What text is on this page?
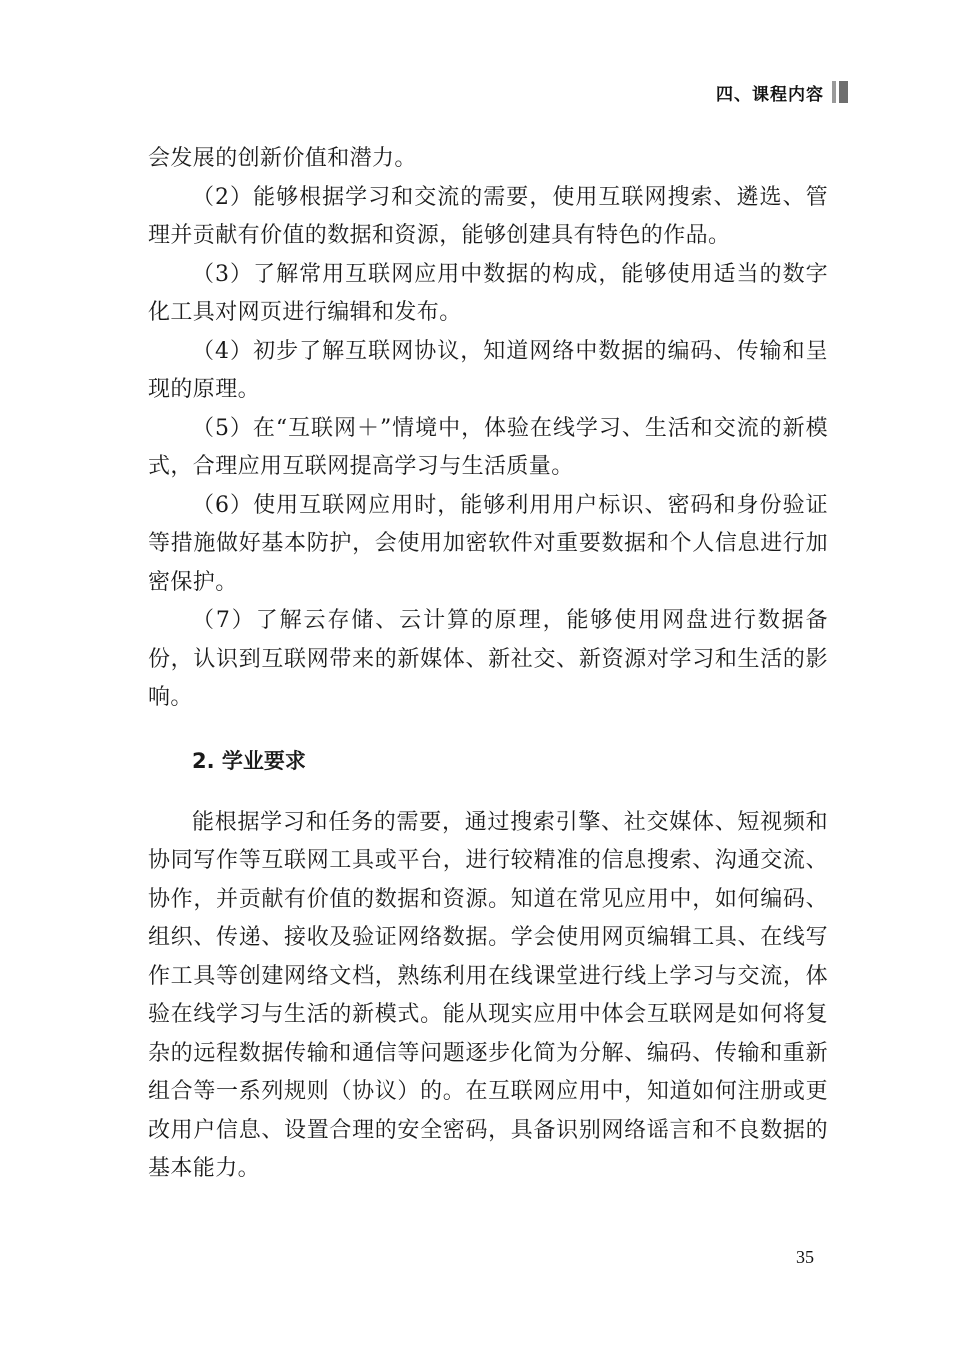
四、课程内容

会发展的创新价值和潜力。

（2）能够根据学习和交流的需要，使用互联网搜索、遴选、管理并贡献有价值的数据和资源，能够创建具有特色的作品。

（3）了解常用互联网应用中数据的构成，能够使用适当的数字化工具对网页进行编辑和发布。

（4）初步了解互联网协议，知道网络中数据的编码、传输和呈现的原理。

（5）在“互联网＋”情境中，体验在线学习、生活和交流的新模式，合理应用互联网提高学习与生活质量。

（6）使用互联网应用时，能够利用用户标识、密码和身份验证等措施做好基本防护，会使用加密软件对重要数据和个人信息进行加密保护。

（7）了解云存储、云计算的原理，能够使用网盘进行数据备份，认识到互联网带来的新媒体、新社交、新资源对学习和生活的影响。

2. 学业要求

能根据学习和任务的需要，通过搜索引擎、社交媒体、短视频和协同写作等互联网工具或平台，进行较精准的信息搜索、沟通交流、协作，并贡献有价值的数据和资源。知道在常见应用中，如何编码、组织、传递、接收及验证网络数据。学会使用网页编辑工具、在线写作工具等创建网络文档，熟练利用在线课堂进行线上学习与交流，体验在线学习与生活的新模式。能从现实应用中体会互联网是如何将复杂的远程数据传输和通信等问题逐步化简为分解、编码、传输和重新组合等一系列规则（协议）的。在互联网应用中，知道如何注册或更改用户信息、设置合理的安全密码，具备识别网络谣言和不良数据的基本能力。

35
